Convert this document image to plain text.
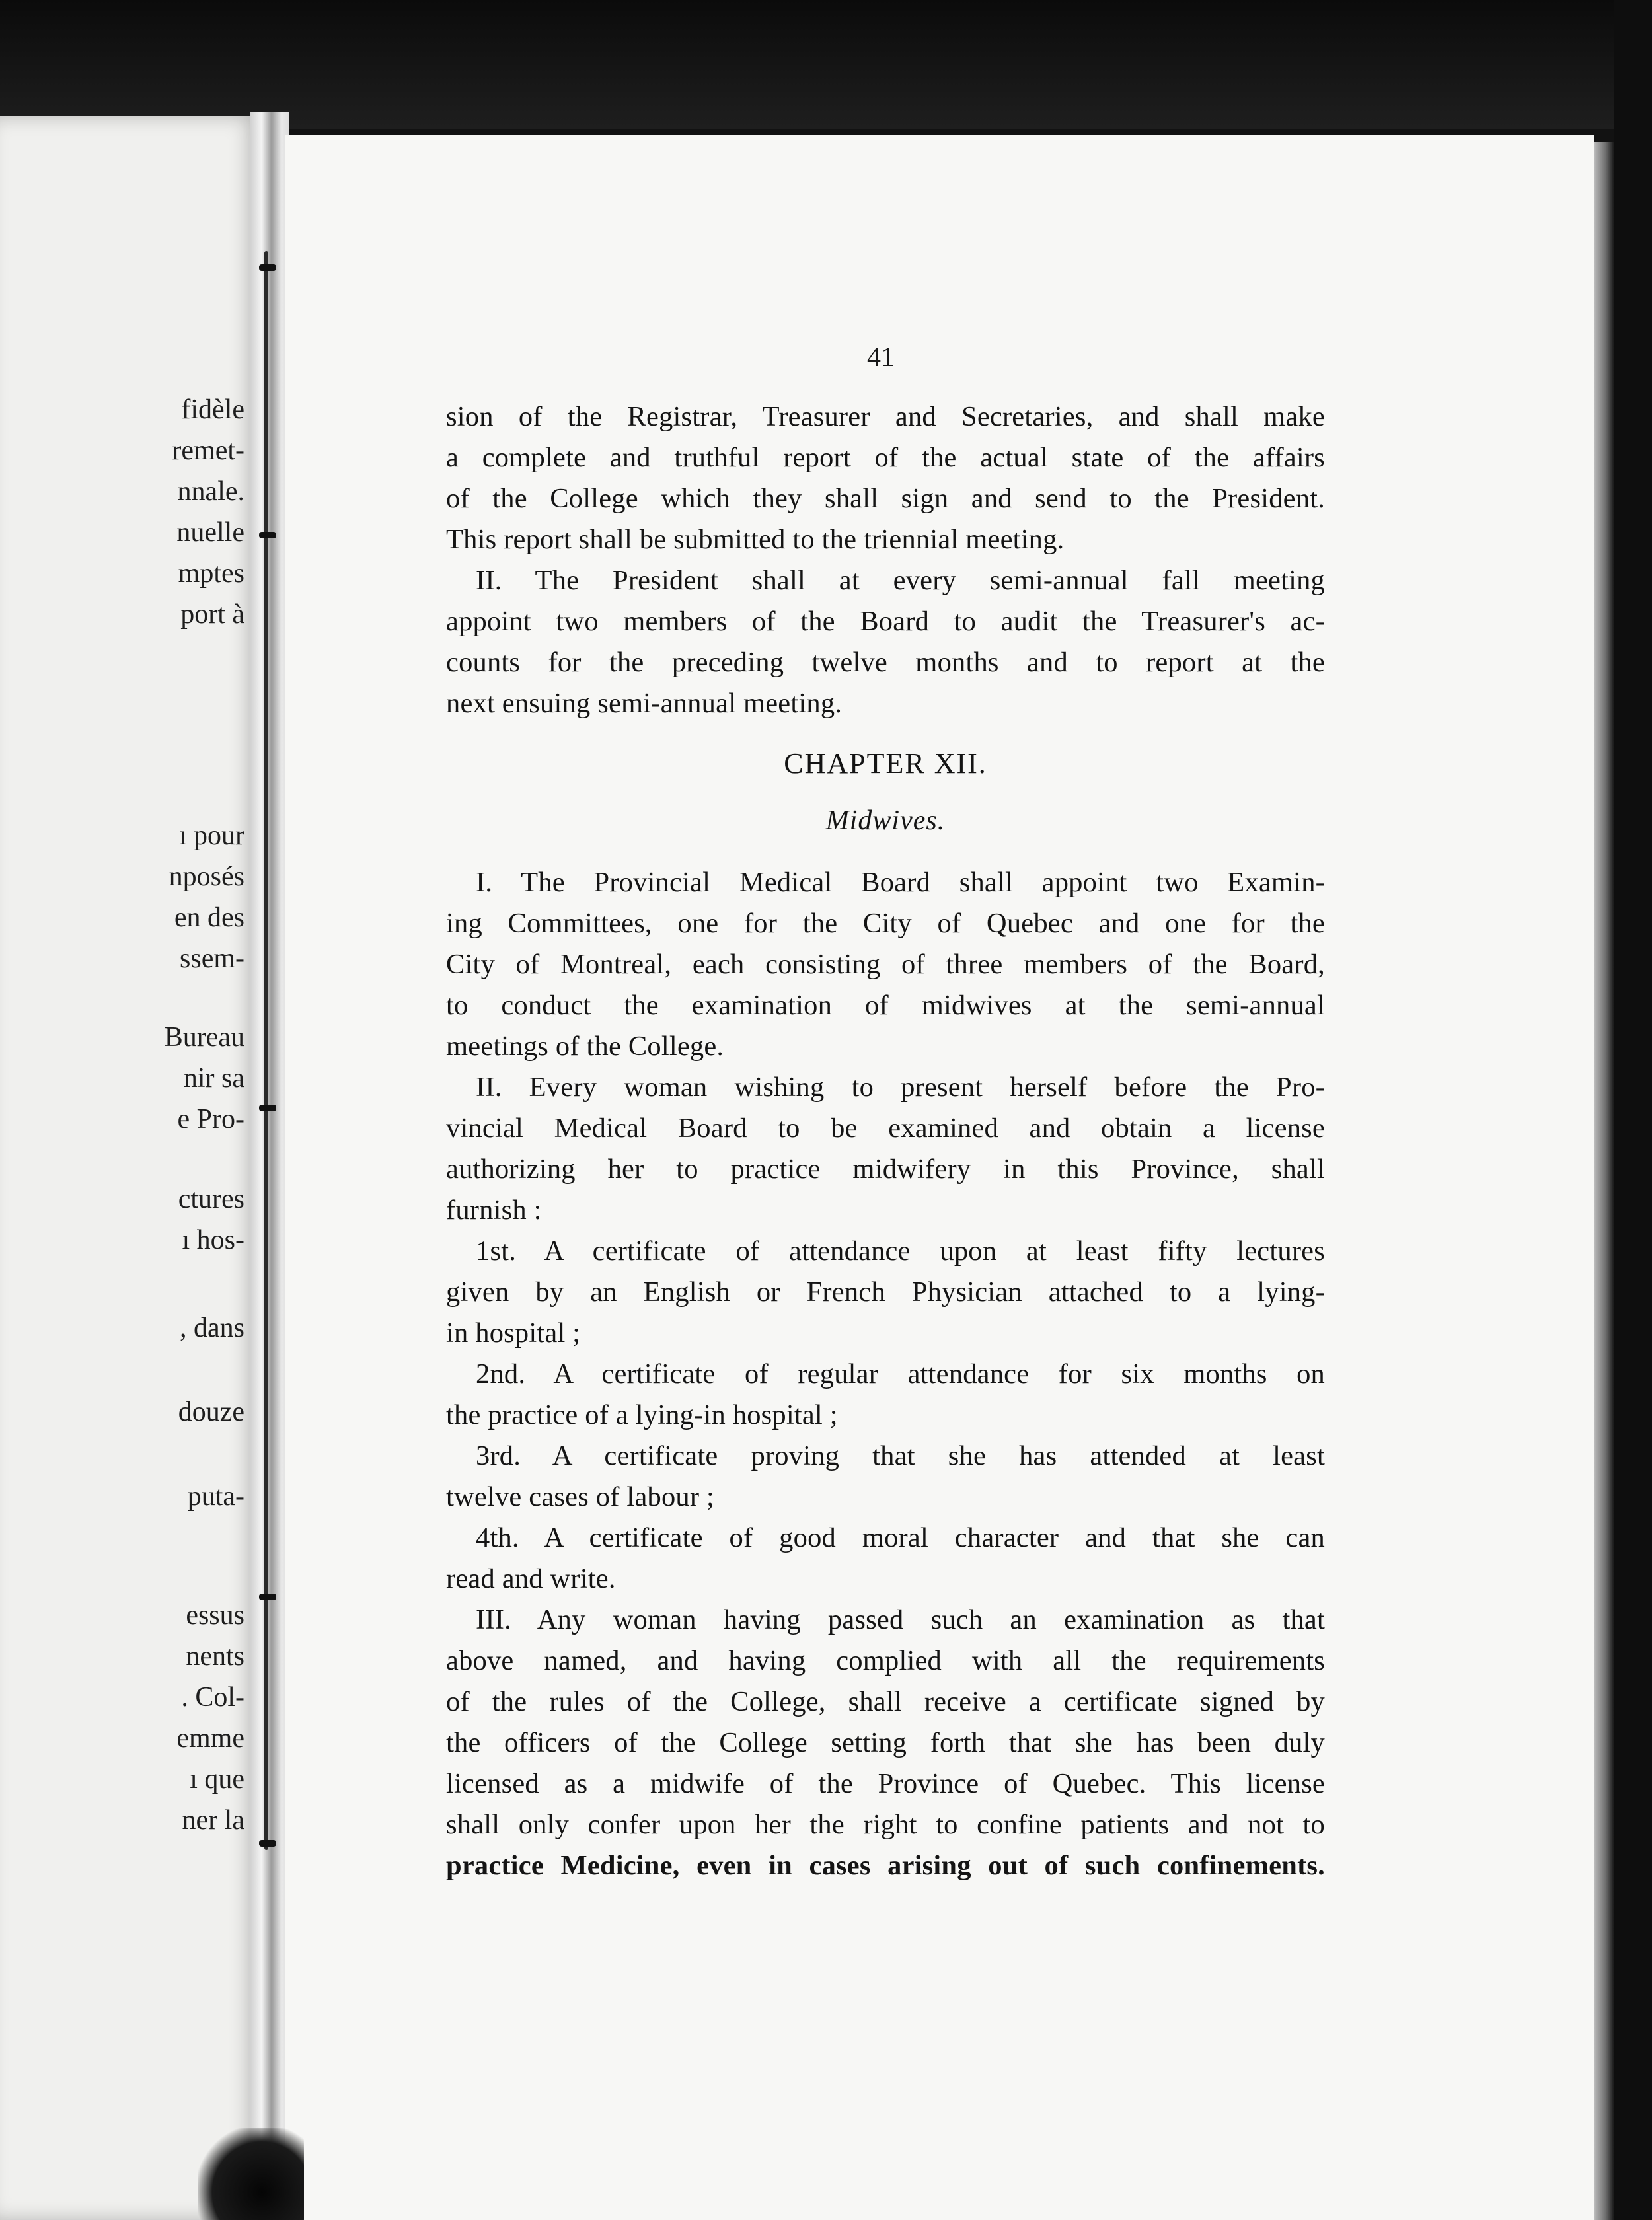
fidèle
remet-
nnale.
nuelle
mptes
port à
ı pour
nposés
en des
ssem-
Bureau
nir sa
e Pro-
ctures
ı hos-
, dans
douze
puta-
essus
nents
. Col-
emme
ı que
ner la
41
sion of the Registrar, Treasurer and Secretaries, and shall make
a complete and truthful report of the actual state of the affairs
of the College which they shall sign and send to the President.
This report shall be submitted to the triennial meeting.
II. The President shall at every semi-annual fall meeting
appoint two members of the Board to audit the Treasurer's ac-
counts for the preceding twelve months and to report at the
next ensuing semi-annual meeting.
CHAPTER XII.
Midwives.
I. The Provincial Medical Board shall appoint two Examin-
ing Committees, one for the City of Quebec and one for the
City of Montreal, each consisting of three members of the Board,
to conduct the examination of midwives at the semi-annual
meetings of the College.
II. Every woman wishing to present herself before the Pro-
vincial Medical Board to be examined and obtain a license
authorizing her to practice midwifery in this Province, shall
furnish :
1st. A certificate of attendance upon at least fifty lectures
given by an English or French Physician attached to a lying-
in hospital ;
2nd. A certificate of regular attendance for six months on
the practice of a lying-in hospital ;
3rd. A certificate proving that she has attended at least
twelve cases of labour ;
4th. A certificate of good moral character and that she can
read and write.
III. Any woman having passed such an examination as that
above named, and having complied with all the requirements
of the rules of the College, shall receive a certificate signed by
the officers of the College setting forth that she has been duly
licensed as a midwife of the Province of Quebec. This license
shall only confer upon her the right to confine patients and not to
practice Medicine, even in cases arising out of such confinements.
